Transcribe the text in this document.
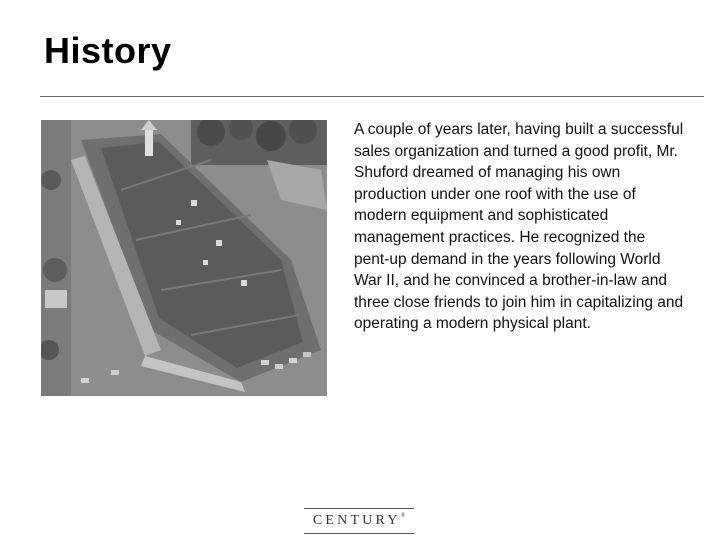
History

A couple of years later, having built a successful sales organization and turned a good profit, Mr. Shuford dreamed of managing his own production under one roof with the use of modern equipment and sophisticated management practices. He recognized the pent-up demand in the years following World War II, and he convinced a brother-in-law and three close friends to join him in capitalizing and operating a modern physical plant.

CENTURY®
